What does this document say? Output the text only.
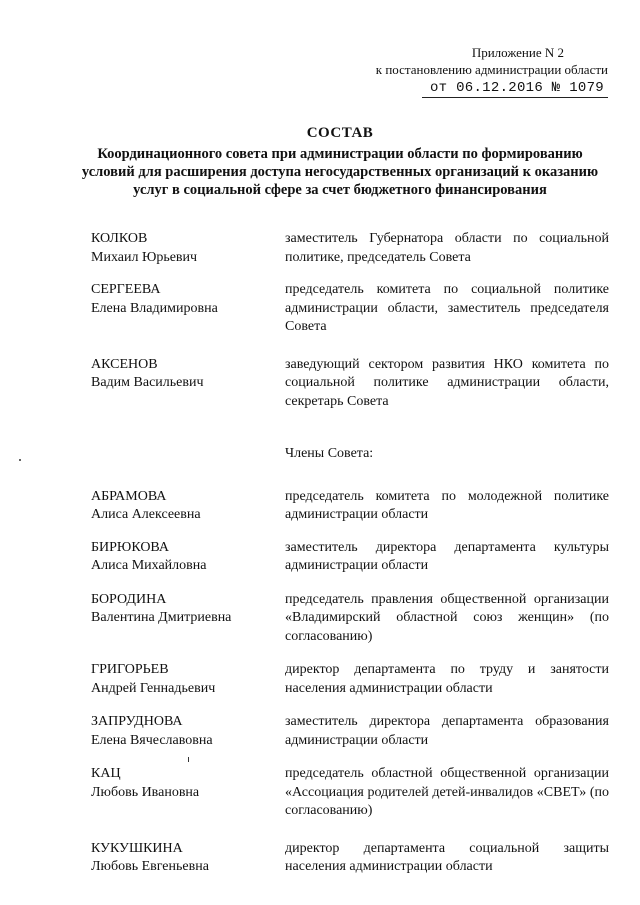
Приложение N 2
к постановлению администрации области
от 06.12.2016 № 1079
СОСТАВ
Координационного совета при администрации области по формированию
условий для расширения доступа негосударственных организаций к оказанию
услуг в социальной сфере за счет бюджетного финансирования
КОЛКОВ
Михаил Юрьевич
заместитель Губернатора области по социальной политике, председатель Совета
СЕРГЕЕВА
Елена Владимировна
председатель комитета по социальной политике администрации области, заместитель председателя Совета
АКСЕНОВ
Вадим Васильевич
заведующий сектором развития НКО комитета по социальной политике администрации области, секретарь Совета
Члены Совета:
АБРАМОВА
Алиса Алексеевна
председатель комитета по молодежной политике администрации области
БИРЮКОВА
Алиса Михайловна
заместитель директора департамента культуры администрации области
БОРОДИНА
Валентина Дмитриевна
председатель правления общественной организации «Владимирский областной союз женщин» (по согласованию)
ГРИГОРЬЕВ
Андрей Геннадьевич
директор департамента по труду и занятости населения администрации области
ЗАПРУДНОВА
Елена Вячеславовна
заместитель директора департамента образования администрации области
КАЦ
Любовь Ивановна
председатель областной общественной организации «Ассоциация родителей детей-инвалидов «СВЕТ» (по согласованию)
КУКУШКИНА
Любовь Евгеньевна
директор департамента социальной защиты населения администрации области
